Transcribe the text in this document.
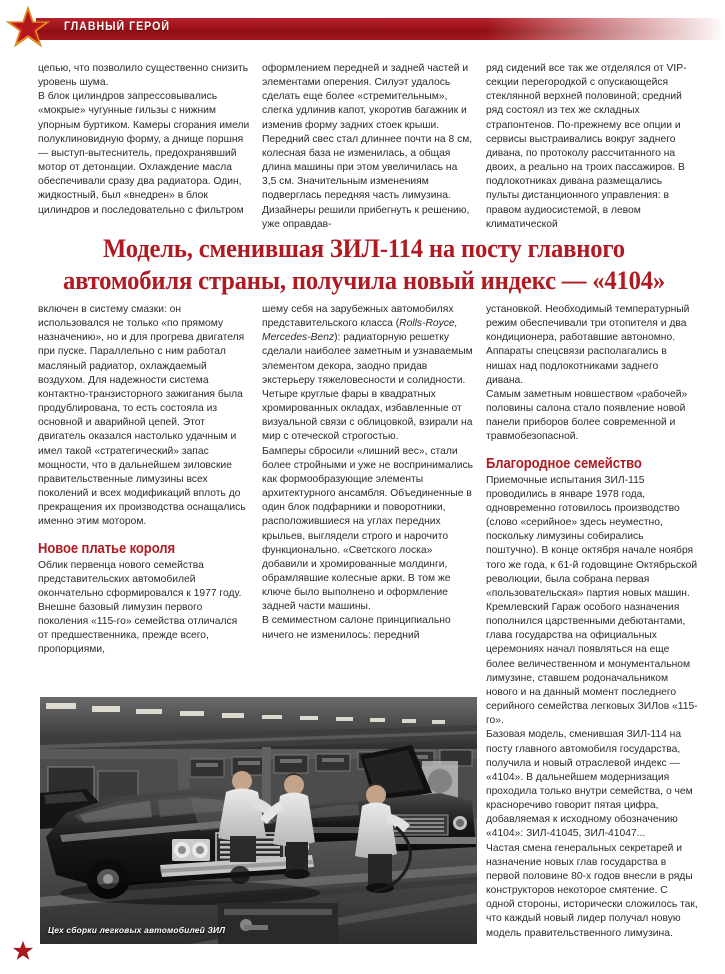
ГЛАВНЫЙ ГЕРОЙ

цепью, что позволило существенно снизить уровень шума.

В блок цилиндров запрессовывались «мокрые» чугунные гильзы с нижним упорным буртиком. Камеры сгорания имели полуклиновидную форму, а днище поршня — выступ-вытеснитель, предохранявший мотор от детонации. Охлаждение масла обеспечивали сразу два радиатора. Один, жидкостный, был «внедрен» в блок цилиндров и последовательно с фильтром

оформлением передней и задней частей и элементами оперения. Силуэт удалось сделать еще более «стремительным», слегка удлинив капот, укоротив багажник и изменив форму задних стоек крыши. Передний свес стал длиннее почти на 8 см, колесная база не изменилась, а общая длина машины при этом увеличилась на 3,5 см. Значительным изменениям подверглась передняя часть лимузина. Дизайнеры решили прибегнуть к решению, уже оправдав-

ряд сидений все так же отделялся от VIP-секции перегородкой с опускающейся стеклянной верхней половиной; средний ряд состоял из тех же складных страпонтенов. По-прежнему все опции и сервисы выстраивались вокруг заднего дивана, по протоколу рассчитанного на двоих, а реально на троих пассажиров. В подлокотниках дивана размещались пульты дистанционного управления: в правом аудиосистемой, в левом климатической

Модель, сменившая ЗИЛ-114 на посту главного
автомобиля страны, получила новый индекс — «4104»

включен в систему смазки: он использовался не только «по прямому назначению», но и для прогрева двигателя при пуске. Параллельно с ним работал масляный радиатор, охлаждаемый воздухом. Для надежности система контактно-транзисторного зажигания была продублирована, то есть состояла из основной и аварийной цепей. Этот двигатель оказался настолько удачным и имел такой «стратегический» запас мощности, что в дальнейшем зиловские правительственные лимузины всех поколений и всех модификаций вплоть до прекращения их производства оснащались именно этим мотором.

Новое платье короля

Облик первенца нового семейства представительских автомобилей окончательно сформировался к 1977 году.

Внешне базовый лимузин первого поколения «115-го» семейства отличался от предшественника, прежде всего, пропорциями,

шему себя на зарубежных автомобилях представительского класса (Rolls-Royce, Mercedes-Benz): радиаторную решетку сделали наиболее заметным и узнаваемым элементом декора, заодно придав экстерьеру тяжеловесности и солидности. Четыре круглые фары в квадратных хромированных окладах, избавленные от визуальной связи с облицовкой, взирали на мир с отеческой строгостью.

Бамперы сбросили «лишний вес», стали более стройными и уже не воспринимались как формообразующие элементы архитектурного ансамбля. Объединенные в один блок подфарники и поворотники, расположившиеся на углах передних крыльев, выглядели строго и нарочито функционально. «Светского лоска» добавили и хромированные молдинги, обрамлявшие колесные арки. В том же ключе было выполнено и оформление задней части машины.

В семиместном салоне принципиально ничего не изменилось: передний

установкой. Необходимый температурный режим обеспечивали три отопителя и два кондиционера, работавшие автономно. Аппараты спецсвязи располагались в нишах над подлокотниками заднего дивана.

Самым заметным новшеством «рабочей» половины салона стало появление новой панели приборов более современной и травмобезопасной.

Благородное семейство

Приемочные испытания ЗИЛ-115 проводились в январе 1978 года, одновременно готовилось производство (слово «серийное» здесь неуместно, поскольку лимузины собирались поштучно). В конце октября начале ноября того же года, к 61-й годовщине Октябрьской революции, была собрана первая «пользовательская» партия новых машин. Кремлевский Гараж особого назначения пополнился царственными дебютантами, глава государства на официальных церемониях начал появляться на еще более величественном и монументальном лимузине, ставшем родоначальником нового и на данный момент последнего серийного семейства легковых ЗИЛов «115-го».

Базовая модель, сменившая ЗИЛ-114 на посту главного автомобиля государства, получила и новый отраслевой индекс — «4104». В дальнейшем модернизация проходила только внутри семейства, о чем красноречиво говорит пятая цифра, добавляемая к исходному обозначению «4104»: ЗИЛ-41045, ЗИЛ-41047...

Частая смена генеральных секретарей и назначение новых глав государства в первой половине 80-х годов внесли в ряды конструкторов некоторое смятение. С одной стороны, исторически сложилось так, что каждый новый лидер получал новую модель правительственного лимузина.

Цех сборки легковых автомобилей ЗИЛ
